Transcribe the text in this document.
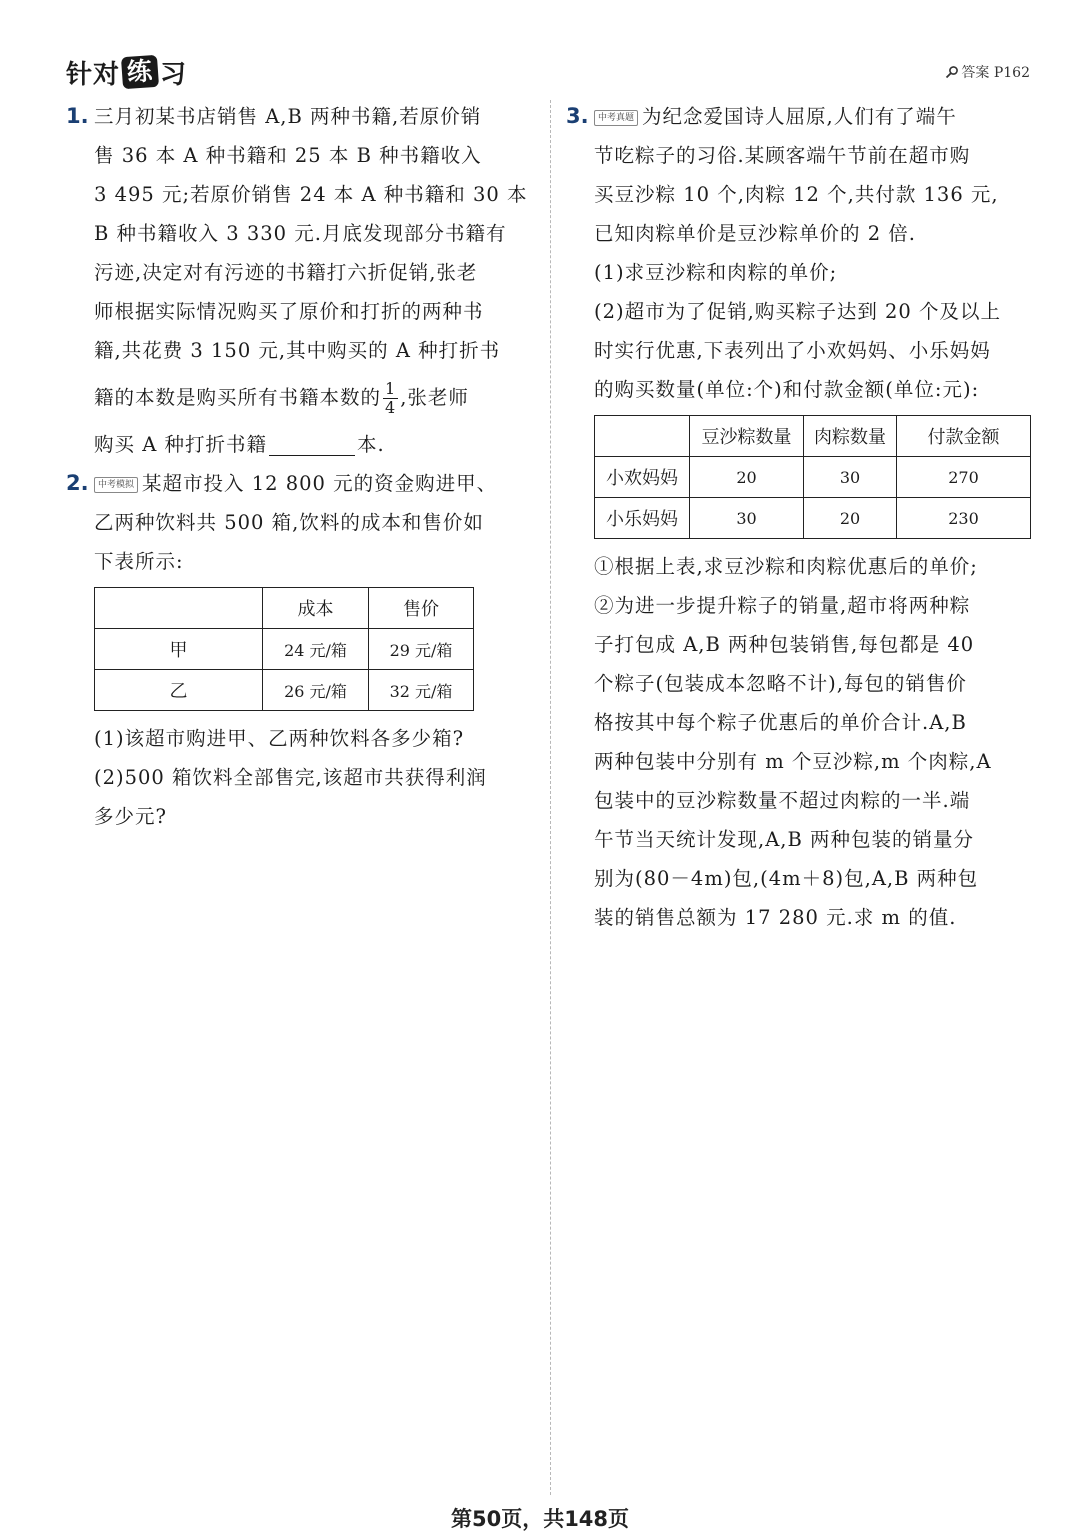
针对 练 习	答案 P162
1. 三月初某书店销售 A,B 两种书籍,若原价销
售 36 本 A 种书籍和 25 本 B 种书籍收入
3 495 元;若原价销售 24 本 A 种书籍和 30 本
B 种书籍收入 3 330 元.月底发现部分书籍有
污迹,决定对有污迹的书籍打六折促销,张老
师根据实际情况购买了原价和打折的两种书
籍,共花费 3 150 元,其中购买的 A 种打折书
籍的本数是购买所有书籍本数的 $\frac{1}{4}$ ,张老师
购买 A 种打折书籍	本.
2. 中考模拟 某超市投入 12 800 元的资金购进甲、
乙两种饮料共 500 箱,饮料的成本和售价如
下表所示:
	成本	售价
甲	24 元/箱	29 元/箱
乙	26 元/箱	32 元/箱
(1)该超市购进甲、乙两种饮料各多少箱?
(2)500 箱饮料全部售完,该超市共获得利润
多少元?
3. 中考真题 为纪念爱国诗人屈原,人们有了端午
节吃粽子的习俗.某顾客端午节前在超市购
买豆沙粽 10 个,肉粽 12 个,共付款 136 元,
已知肉粽单价是豆沙粽单价的 2 倍.
(1)求豆沙粽和肉粽的单价;
(2)超市为了促销,购买粽子达到 20 个及以上
时实行优惠,下表列出了小欢妈妈、小乐妈妈
的购买数量(单位:个)和付款金额(单位:元):
	豆沙粽数量	肉粽数量	付款金额
小欢妈妈	20	30	270
小乐妈妈	30	20	230
①根据上表,求豆沙粽和肉粽优惠后的单价;
②为进一步提升粽子的销量,超市将两种粽
子打包成 A,B 两种包装销售,每包都是 40
个粽子(包装成本忽略不计),每包的销售价
格按其中每个粽子优惠后的单价合计.A,B
两种包装中分别有 m 个豆沙粽,m 个肉粽,A
包装中的豆沙粽数量不超过肉粽的一半.端
午节当天统计发现,A,B 两种包装的销量分
别为(80－4m)包,(4m＋8)包,A,B 两种包
装的销售总额为 17 280 元.求 m 的值.
第50页，共148页
